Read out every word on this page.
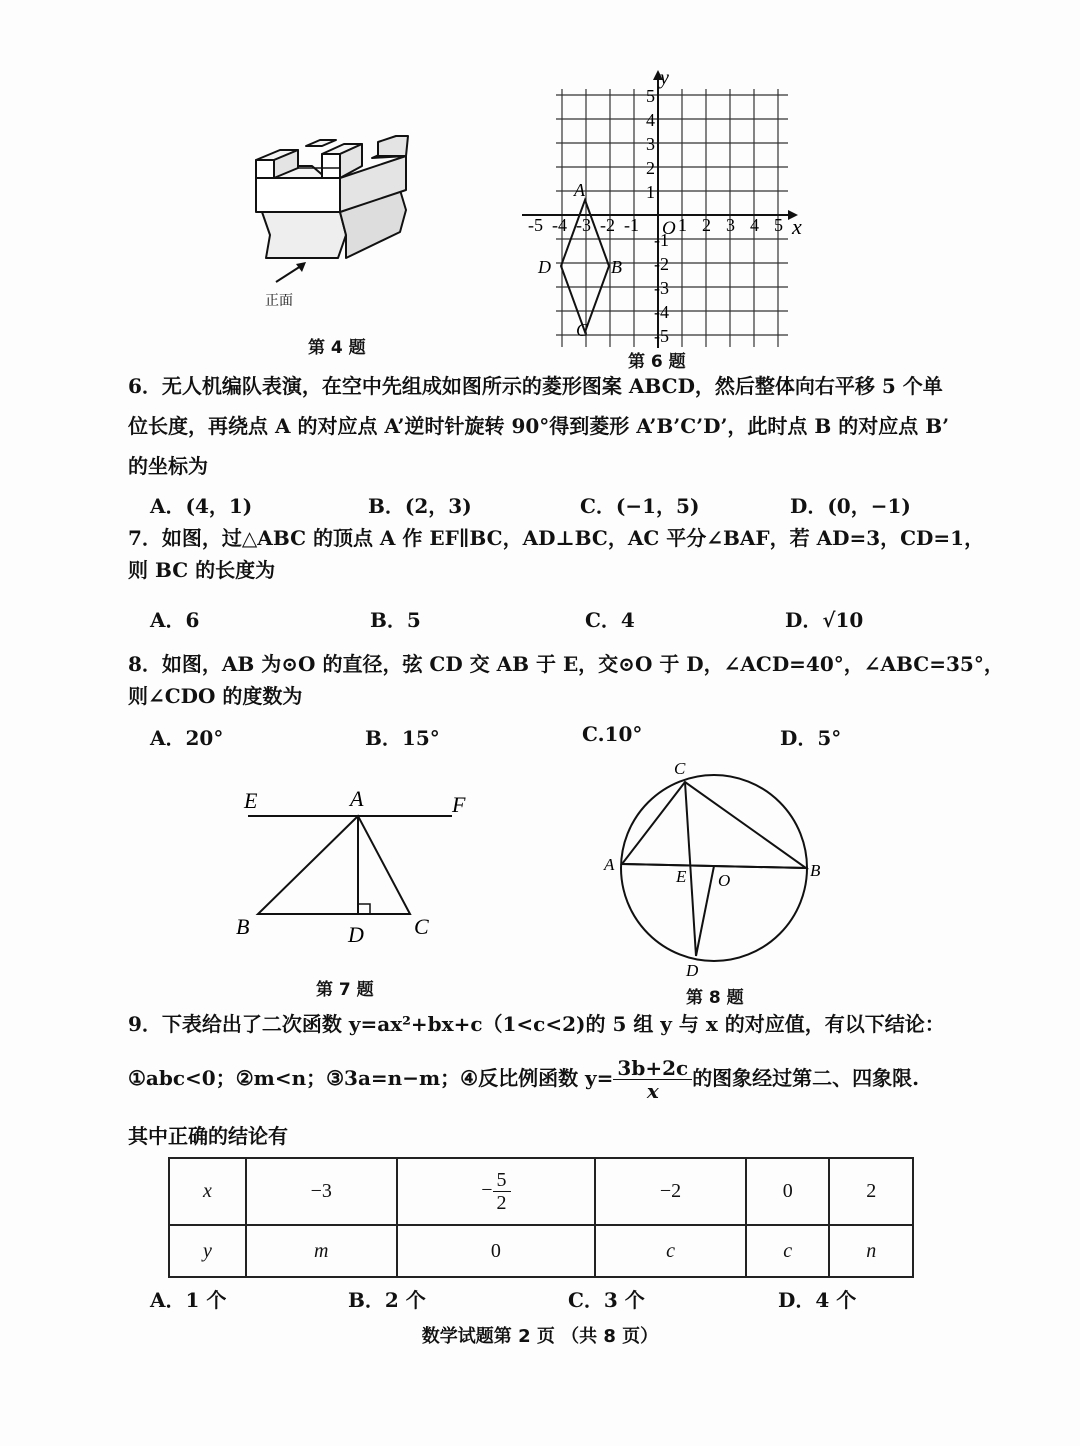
正面
第 4 题
x
y
O
-5 -4 -3 -2 -1 1 2 3 4 5
5
4
3
2
1
-1
-2
-3
-4
-5
A
B
C
D
第 6 题
6．无人机编队表演，在空中先组成如图所示的菱形图案 ABCD，然后整体向右平移 5 个单
位长度，再绕点 A 的对应点 A’逆时针旋转 90°得到菱形 A’B’C’D’，此时点 B 的对应点 B’
的坐标为
A．(4，1)	B．(2，3)	C．(−1，5)	D．(0，−1)
7．如图，过△ABC 的顶点 A 作 EF∥BC，AD⊥BC，AC 平分∠BAF，若 AD=3，CD=1，
则 BC 的长度为
A．6	B．5	C．4	D．√10
8．如图，AB 为⊙O 的直径，弦 CD 交 AB 于 E，交⊙O 于 D，∠ACD=40°，∠ABC=35°，
则∠CDO 的度数为
A．20°	B．15°	C.10°	D．5°
E	A	F
B	D C
第 7 题
C
A	B
E O
D
第 8 题
9．下表给出了二次函数 y=ax²+bx+c（1<c<2)的 5 组 y 与 x 的对应值，有以下结论：
①abc<0；②m<n；③3a=n−m；④反比例函数 $y= \frac{3b+2c}{x}$ 的图象经过第二、四象限.
其中正确的结论有
x	−3	− $\frac{5}{2}$	−2	0	2
y	m	0	c	c	n
A．1 个	B．2 个	C．3 个	D．4 个
数学试题第 2 页 （共 8 页）
